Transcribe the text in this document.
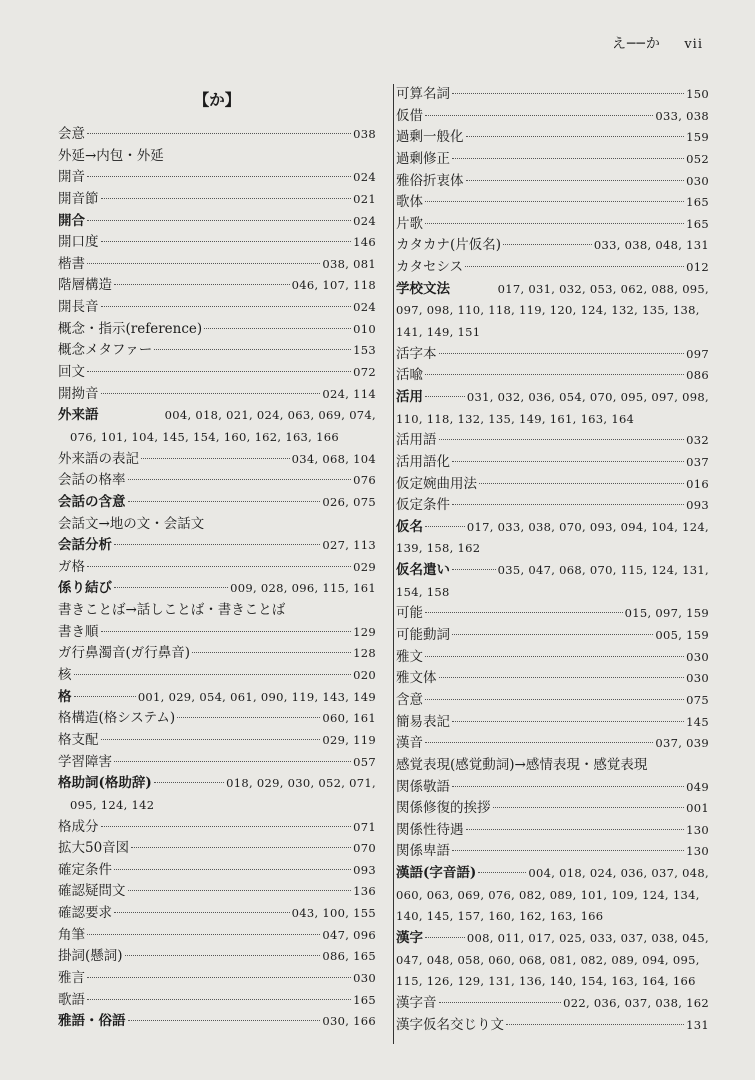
え──か vii
【か】
会意	038
外延→内包・外延
開音	024
開音節	021
開合	024
開口度	146
楷書	038, 081
階層構造	046, 107, 118
開長音	024
概念・指示(reference)	010
概念メタファー	153
回文	072
開拗音	024, 114
外来語	004, 018, 021, 024, 063, 069, 074,
076, 101, 104, 145, 154, 160, 162, 163, 166
外来語の表記	034, 068, 104
会話の格率	076
会話の含意	026, 075
会話文→地の文・会話文
会話分析	027, 113
ガ格	029
係り結び	009, 028, 096, 115, 161
書きことば→話しことば・書きことば
書き順	129
ガ行鼻濁音(ガ行鼻音)	128
核	020
格	001, 029, 054, 061, 090, 119, 143, 149
格構造(格システム)	060, 161
格支配	029, 119
学習障害	057
格助詞(格助辞)	018, 029, 030, 052, 071,
095, 124, 142
格成分	071
拡大50音図	070
確定条件	093
確認疑問文	136
確認要求	043, 100, 155
角筆	047, 096
掛詞(懸詞)	086, 165
雅言	030
歌語	165
雅語・俗語	030, 166
可算名詞	150
仮借	033, 038
過剰一般化	159
過剰修正	052
雅俗折衷体	030
歌体	165
片歌	165
カタカナ(片仮名)	033, 038, 048, 131
カタセシス	012
学校文法	017, 031, 032, 053, 062, 088, 095,
097, 098, 110, 118, 119, 120, 124, 132, 135, 138,
141, 149, 151
活字本	097
活喩	086
活用	031, 032, 036, 054, 070, 095, 097, 098,
110, 118, 132, 135, 149, 161, 163, 164
活用語	032
活用語化	037
仮定婉曲用法	016
仮定条件	093
仮名	017, 033, 038, 070, 093, 094, 104, 124,
139, 158, 162
仮名遣い	035, 047, 068, 070, 115, 124, 131,
154, 158
可能	015, 097, 159
可能動詞	005, 159
雅文	030
雅文体	030
含意	075
簡易表記	145
漢音	037, 039
感覚表現(感覚動詞)→感情表現・感覚表現
関係敬語	049
関係修復的挨拶	001
関係性待遇	130
関係卑語	130
漢語(字音語)	004, 018, 024, 036, 037, 048,
060, 063, 069, 076, 082, 089, 101, 109, 124, 134,
140, 145, 157, 160, 162, 163, 166
漢字	008, 011, 017, 025, 033, 037, 038, 045,
047, 048, 058, 060, 068, 081, 082, 089, 094, 095,
115, 126, 129, 131, 136, 140, 154, 163, 164, 166
漢字音	022, 036, 037, 038, 162
漢字仮名交じり文	131
